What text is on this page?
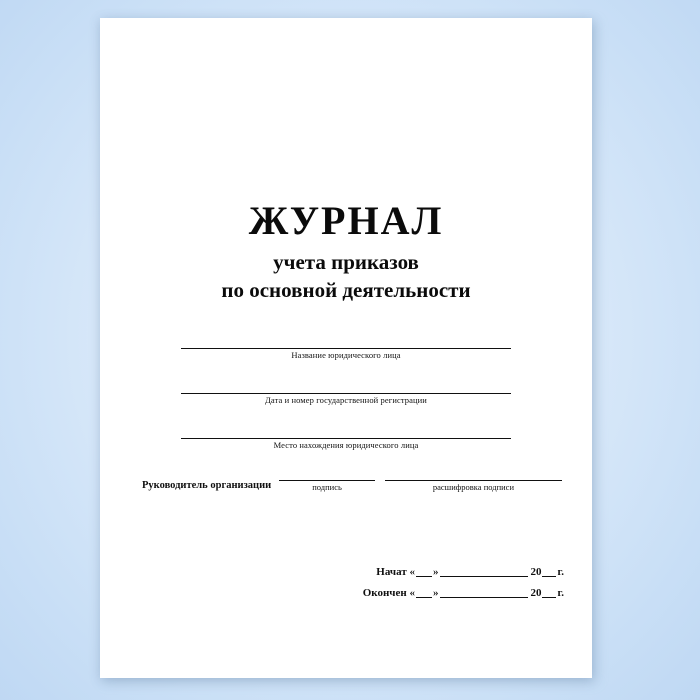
ЖУРНАЛ
учета приказов
по основной деятельности
Название юридического лица
Дата и номер государственной регистрации
Место нахождения юридического лица
Руководитель организации	подпись	расшифровка подписи
Начат « »	20 г.
Окончен « »	20 г.
